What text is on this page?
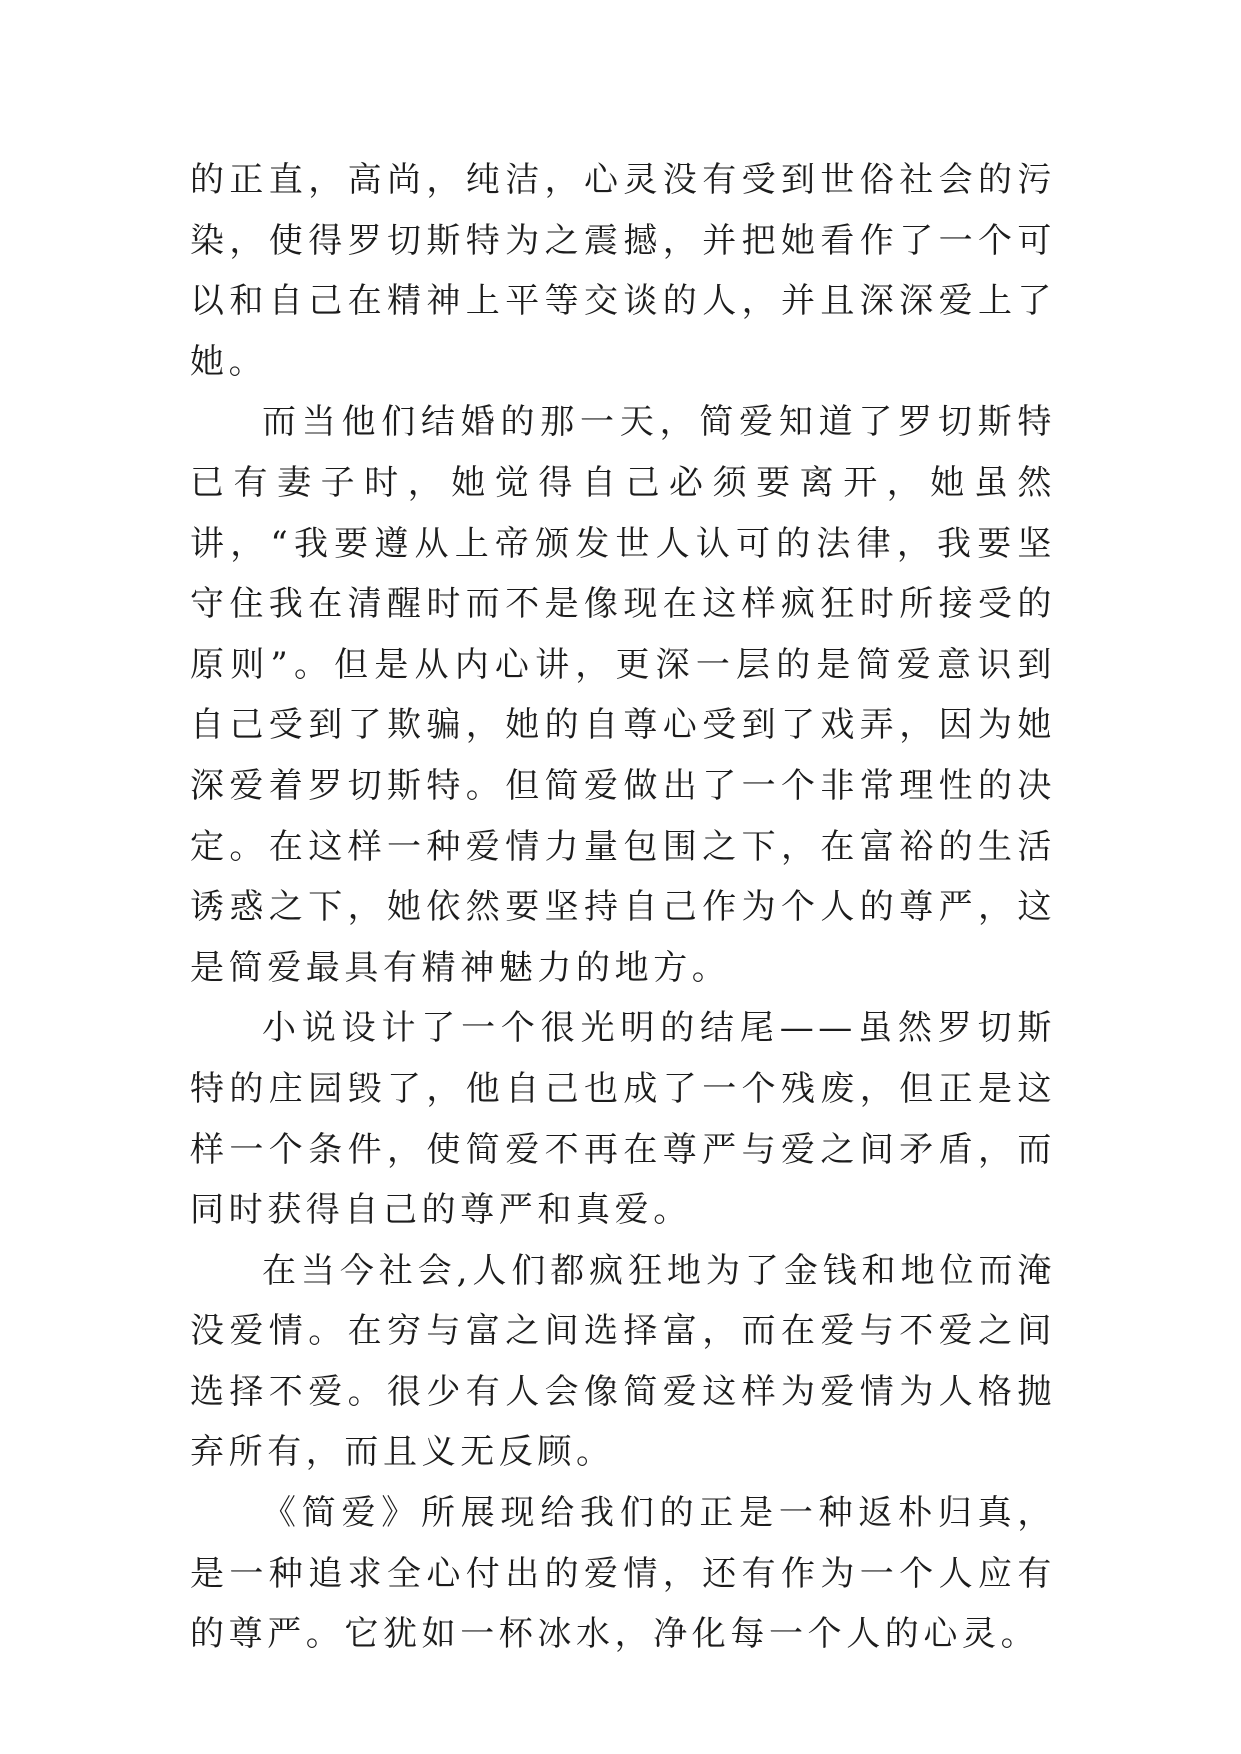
的正直，高尚，纯洁，心灵没有受到世俗社会的污染，使得罗切斯特为之震撼，并把她看作了一个可以和自己在精神上平等交谈的人，并且深深爱上了她。

而当他们结婚的那一天，简爱知道了罗切斯特已有妻子时，她觉得自己必须要离开，她虽然讲，“我要遵从上帝颁发世人认可的法律，我要坚守住我在清醒时而不是像现在这样疯狂时所接受的原则”。但是从内心讲，更深一层的是简爱意识到自己受到了欺骗，她的自尊心受到了戏弄，因为她深爱着罗切斯特。但简爱做出了一个非常理性的决定。在这样一种爱情力量包围之下，在富裕的生活诱惑之下，她依然要坚持自己作为个人的尊严，这是简爱最具有精神魅力的地方。

小说设计了一个很光明的结尾——虽然罗切斯特的庄园毁了，他自己也成了一个残废，但正是这样一个条件，使简爱不再在尊严与爱之间矛盾，而同时获得自己的尊严和真爱。

在当今社会,人们都疯狂地为了金钱和地位而淹没爱情。在穷与富之间选择富，而在爱与不爱之间选择不爱。很少有人会像简爱这样为爱情为人格抛弃所有，而且义无反顾。

《简爱》所展现给我们的正是一种返朴归真，是一种追求全心付出的爱情，还有作为一个人应有的尊严。它犹如一杯冰水，净化每一个人的心灵。
